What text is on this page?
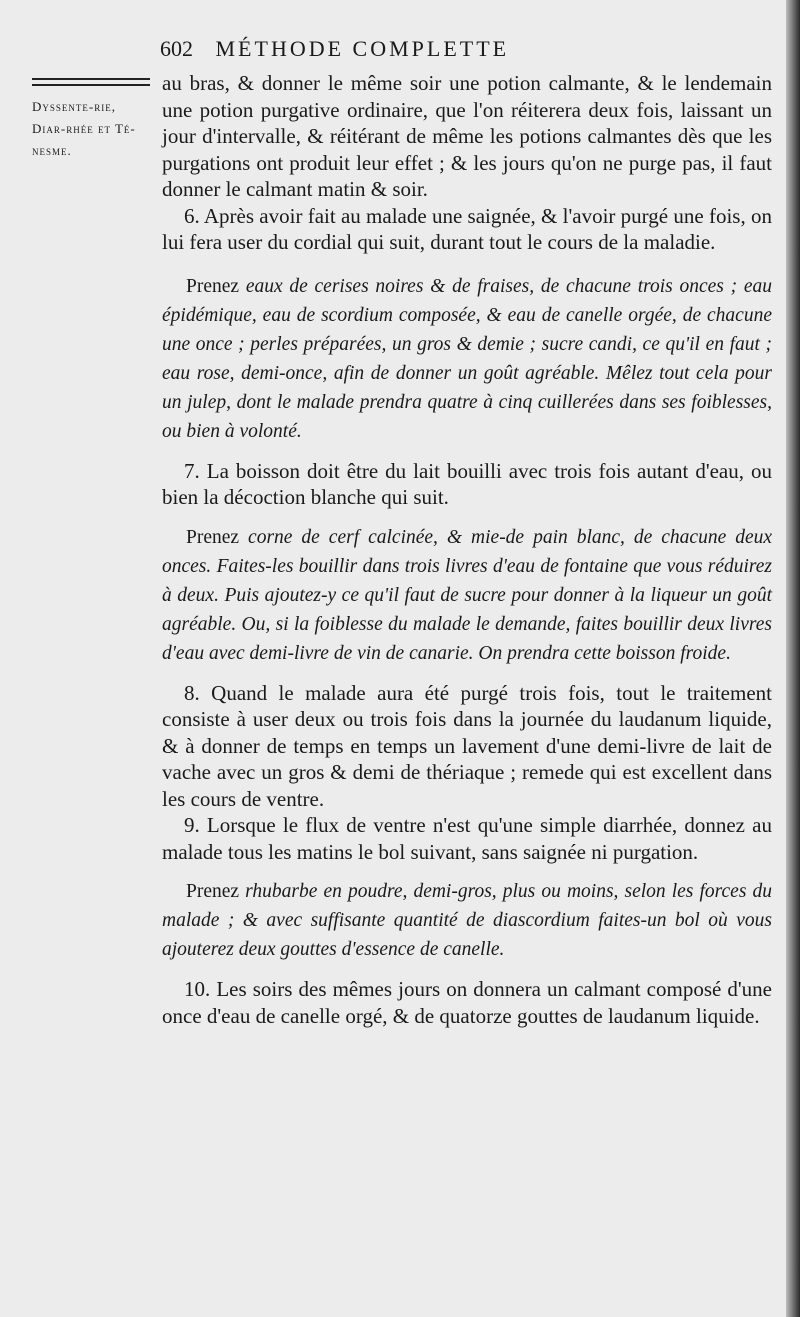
602 MÉTHODE COMPLETTE
Dyssente-rie, Diar-rhée et Té-nesme.

au bras, & donner le même soir une potion calmante, & le lendemain une potion purgative ordinaire, que l'on réiterera deux fois, laissant un jour d'intervalle, & réitérant de même les potions calmantes dès que les purgations ont produit leur effet ; & les jours qu'on ne purge pas, il faut donner le calmant matin & soir.

6. Après avoir fait au malade une saignée, & l'avoir purgé une fois, on lui fera user du cordial qui suit, durant tout le cours de la maladie.

Prenez eaux de cerises noires & de fraises, de chacune trois onces ; eau épidémique, eau de scordium composée, & eau de canelle orgée, de chacune une once ; perles préparées, un gros & demie ; sucre candi, ce qu'il en faut ; eau rose, demi-once, afin de donner un goût agréable. Mêlez tout cela pour un julep, dont le malade prendra quatre à cinq cuillerées dans ses foiblesses, ou bien à volonté.

7. La boisson doit être du lait bouilli avec trois fois autant d'eau, ou bien la décoction blanche qui suit.

Prenez corne de cerf calcinée, & mie-de pain blanc, de chacune deux onces. Faites-les bouillir dans trois livres d'eau de fontaine que vous réduirez à deux. Puis ajoutez-y ce qu'il faut de sucre pour donner à la liqueur un goût agréable. Ou, si la foiblesse du malade le demande, faites bouillir deux livres d'eau avec demi-livre de vin de canarie. On prendra cette boisson froide.

8. Quand le malade aura été purgé trois fois, tout le traitement consiste à user deux ou trois fois dans la journée du laudanum liquide, & à donner de temps en temps un lavement d'une demi-livre de lait de vache avec un gros & demi de thériaque ; remede qui est excellent dans les cours de ventre.

9. Lorsque le flux de ventre n'est qu'une simple diarrhée, donnez au malade tous les matins le bol suivant, sans saignée ni purgation.

Prenez rhubarbe en poudre, demi-gros, plus ou moins, selon les forces du malade ; & avec suffisante quantité de diascordium faites-un bol où vous ajouterez deux gouttes d'essence de canelle.

10. Les soirs des mêmes jours on donnera un calmant composé d'une once d'eau de canelle orgé, & de quatorze gouttes de laudanum liquide.
